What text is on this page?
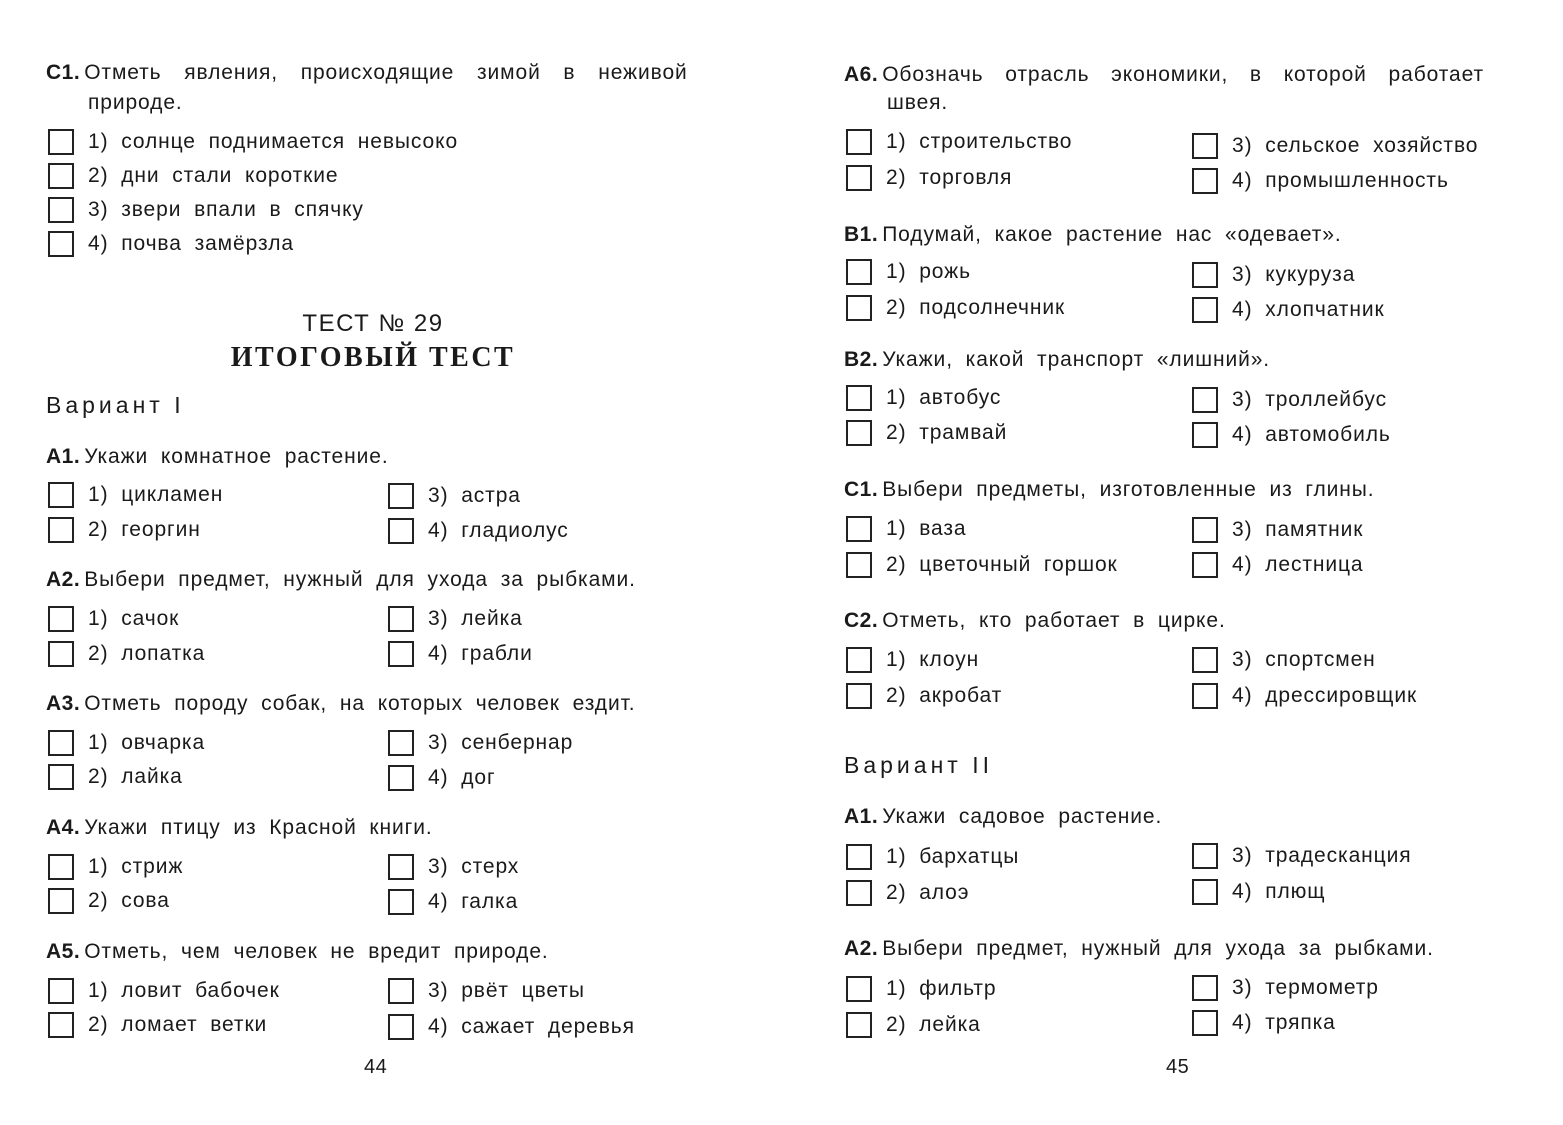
C1. Отметь явления, происходящие зимой в неживой
природе.
1) солнце поднимается невысоко
2) дни стали короткие
3) звери впали в спячку
4) почва замёрзла
ТЕСТ № 29
ИТОГОВЫЙ ТЕСТ
Вариант I
А1. Укажи комнатное растение.
1) цикламен
2) георгин
3) астра
4) гладиолус
А2. Выбери предмет, нужный для ухода за рыбками.
1) сачок
2) лопатка
3) лейка
4) грабли
А3. Отметь породу собак, на которых человек ездит.
1) овчарка
2) лайка
3) сенбернар
4) дог
А4. Укажи птицу из Красной книги.
1) стриж
2) сова
3) стерх
4) галка
А5. Отметь, чем человек не вредит природе.
1) ловит бабочек
2) ломает ветки
3) рвёт цветы
4) сажает деревья
44
А6. Обозначь отрасль экономики, в которой работает
швея.
1) строительство
2) торговля
3) сельское хозяйство
4) промышленность
В1. Подумай, какое растение нас «одевает».
1) рожь
2) подсолнечник
3) кукуруза
4) хлопчатник
В2. Укажи, какой транспорт «лишний».
1) автобус
2) трамвай
3) троллейбус
4) автомобиль
С1. Выбери предметы, изготовленные из глины.
1) ваза
2) цветочный горшок
3) памятник
4) лестница
С2. Отметь, кто работает в цирке.
1) клоун
2) акробат
3) спортсмен
4) дрессировщик
Вариант II
А1. Укажи садовое растение.
1) бархатцы
2) алоэ
3) традесканция
4) плющ
А2. Выбери предмет, нужный для ухода за рыбками.
1) фильтр
2) лейка
3) термометр
4) тряпка
45
